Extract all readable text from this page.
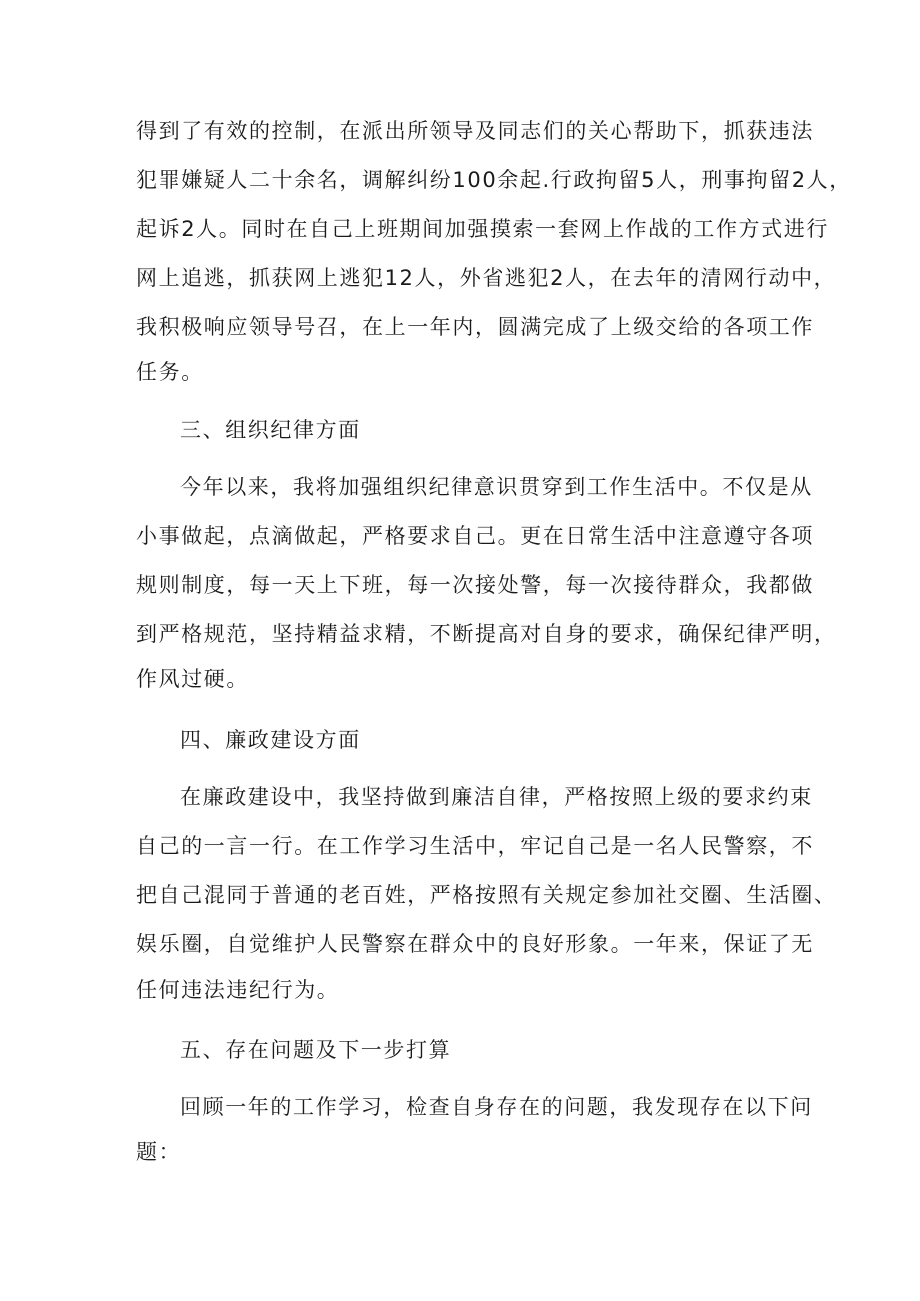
得到了有效的控制，在派出所领导及同志们的关心帮助下，抓获违法
犯罪嫌疑人二十余名，调解纠纷100余起.行政拘留5人，刑事拘留2人，
起诉2人。同时在自己上班期间加强摸索一套网上作战的工作方式进行
网上追逃，抓获网上逃犯12人，外省逃犯2人，在去年的清网行动中，
我积极响应领导号召，在上一年内，圆满完成了上级交给的各项工作
任务。
三、组织纪律方面
今年以来，我将加强组织纪律意识贯穿到工作生活中。不仅是从
小事做起，点滴做起，严格要求自己。更在日常生活中注意遵守各项
规则制度，每一天上下班，每一次接处警，每一次接待群众，我都做
到严格规范，坚持精益求精，不断提高对自身的要求，确保纪律严明，
作风过硬。
四、廉政建设方面
在廉政建设中，我坚持做到廉洁自律，严格按照上级的要求约束
自己的一言一行。在工作学习生活中，牢记自己是一名人民警察，不
把自己混同于普通的老百姓，严格按照有关规定参加社交圈、生活圈、
娱乐圈，自觉维护人民警察在群众中的良好形象。一年来，保证了无
任何违法违纪行为。
五、存在问题及下一步打算
回顾一年的工作学习，检查自身存在的问题，我发现存在以下问
题：
